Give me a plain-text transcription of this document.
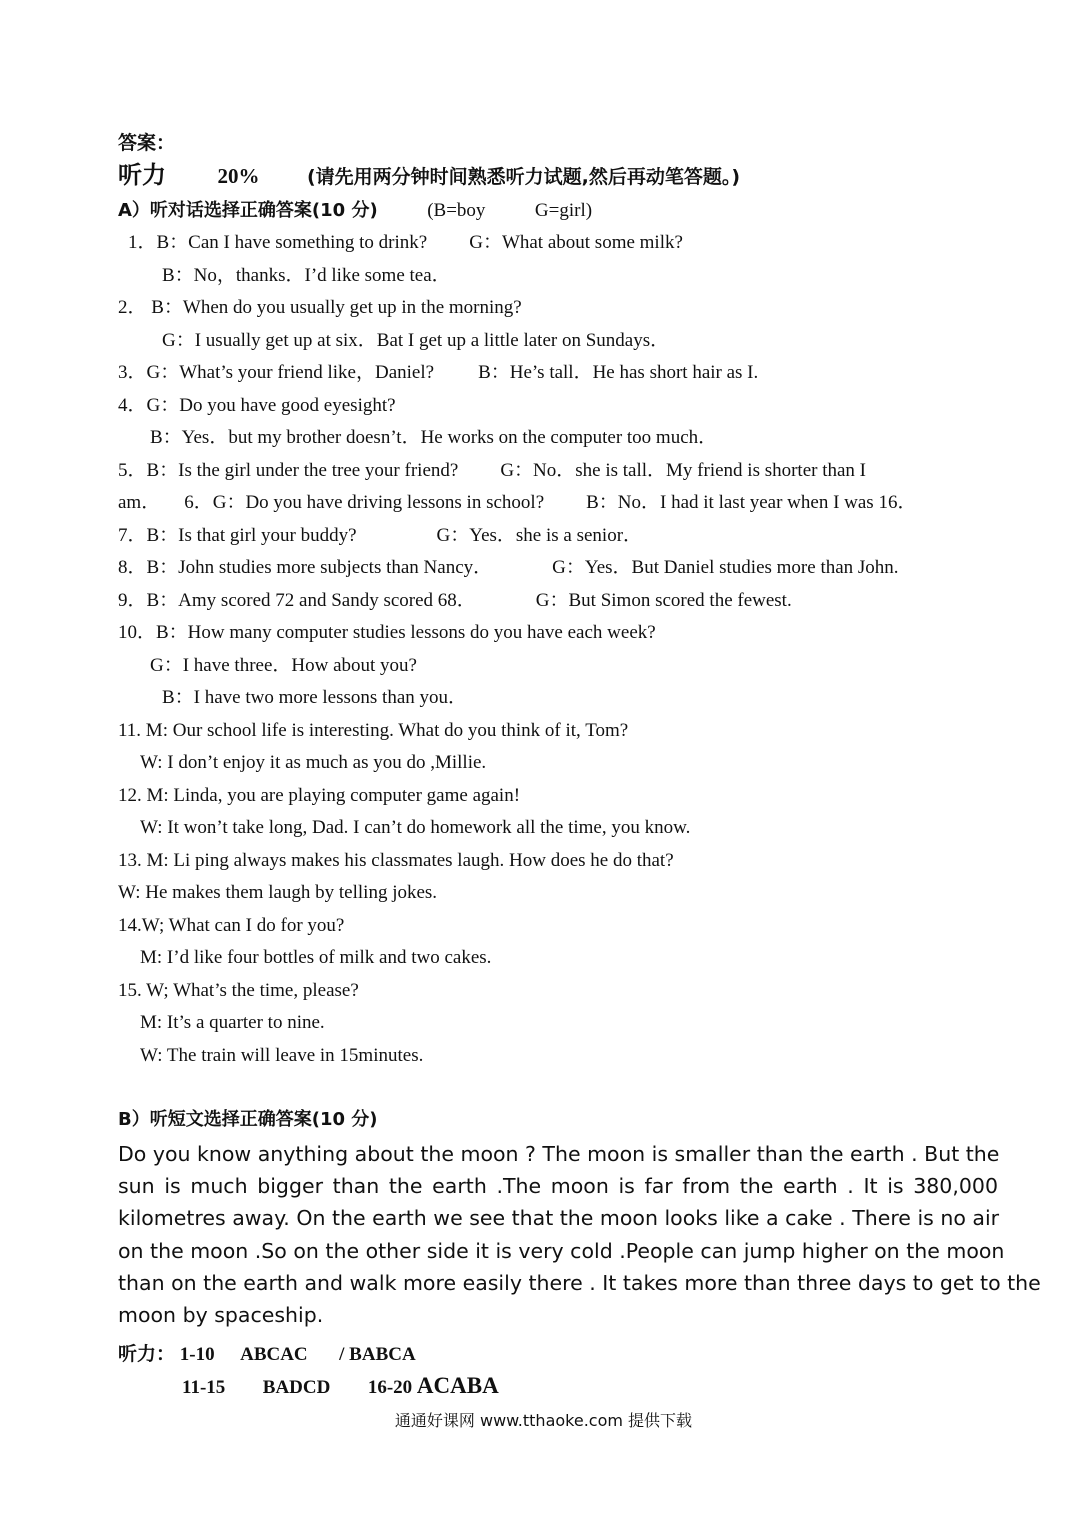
答案：
听力 20%	(请先用两分钟时间熟悉听力试题,然后再动笔答题。)
A）听对话选择正确答案(10 分)	(B=boy	G=girl)
1．B：Can I have something to drink? G：What about some milk?
B：No，thanks．I’d like some tea．
2． B：When do you usually get up in the morning?
G：I usually get up at six．Bat I get up a little later on Sundays．
3．G：What’s your friend like，Daniel? B：He’s tall．He has short hair as I.
4．G：Do you have good eyesight?
B：Yes．but my brother doesn’t．He works on the computer too much．
5．B：Is the girl under the tree your friend? G：No．she is tall．My friend is shorter than I
am． 6．G：Do you have driving lessons in school? B：No．I had it last year when I was 16．
7．B：Is that girl your buddy?	G：Yes．she is a senior．
8．B：John studies more subjects than Nancy．	G：Yes．But Daniel studies more than John.
9．B：Amy scored 72 and Sandy scored 68．	G：But Simon scored the fewest.
10．B：How many computer studies lessons do you have each week?
G：I have three．How about you?
B：I have two more lessons than you．
11. M: Our school life is interesting. What do you think of it, Tom?
W: I don’t enjoy it as much as you do ,Millie.
12. M: Linda, you are playing computer game again!
W: It won’t take long, Dad. I can’t do homework all the time, you know.
13. M: Li ping always makes his classmates laugh. How does he do that?
W: He makes them laugh by telling jokes.
14.W; What can I do for you?
M: I’d like four bottles of milk and two cakes.
15. W; What’s the time, please?
M: It’s a quarter to nine.
W: The train will leave in 15minutes.
B）听短文选择正确答案(10 分)
Do you know anything about the moon ? The moon is smaller than the earth . But the
sun is much bigger than the earth .The moon is far from the earth . It is 380,000
kilometres away. On the earth we see that the moon looks like a cake . There is no air
on the moon .So on the other side it is very cold .People can jump higher on the moon
than on the earth and walk more easily there . It takes more than three days to get to the
moon by spaceship.
听力： 1-10 ABCAC / BABCA
11-15 BADCD 16-20 ACABA
通通好课网 www.tthaoke.com 提供下载
